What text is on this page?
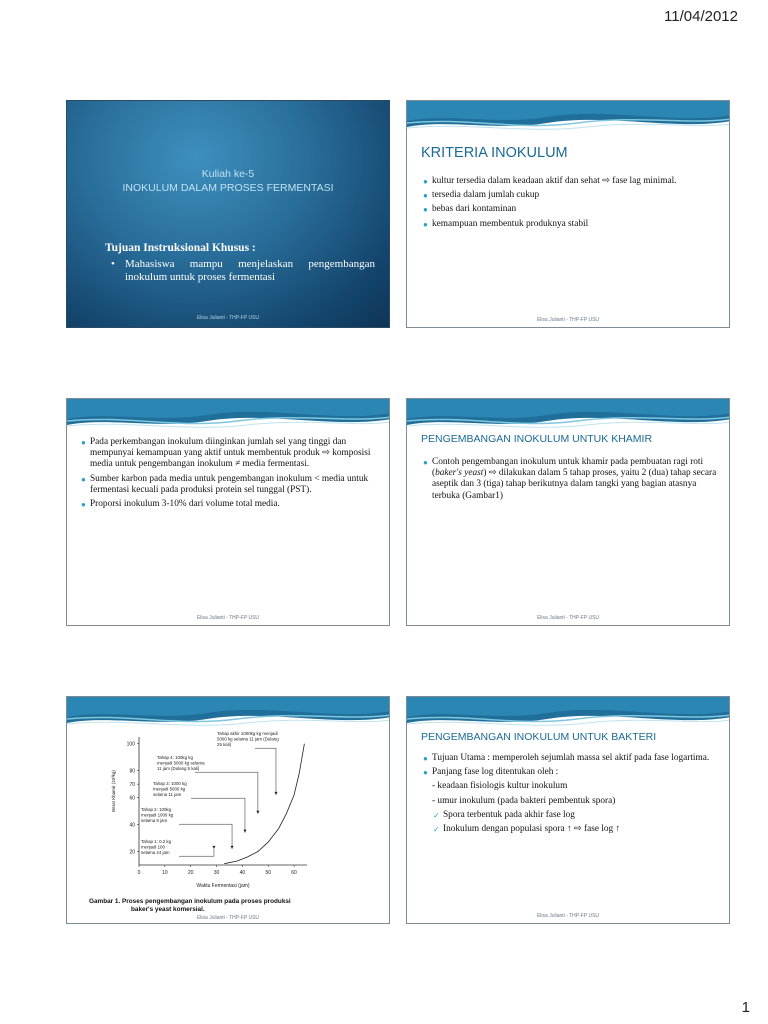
11/04/2012
Kuliah ke-5
INOKULUM DALAM PROSES FERMENTASI
Tujuan Instruksional Khusus :
• Mahasiswa mampu menjelaskan pengembangan inokulum untuk proses fermentasi
Elisa Julianti - THP-FP USU
KRITERIA INOKULUM
● kultur tersedia dalam keadaan aktif dan sehat ⇨ fase lag minimal.
● tersedia dalam jumlah cukup
● bebas dari kontaminan
● kemampuan membentuk produknya stabil
Elisa Julianti - THP-FP USU
● Pada perkembangan inokulum diinginkan jumlah sel yang tinggi dan mempunyai kemampuan yang aktif untuk membentuk produk ⇨ komposisi media untuk pengembangan inokulum ≠ media fermentasi.
● Sumber karbon pada media untuk pengembangan inokulum < media untuk fermentasi kecuali pada produksi protein sel tunggal (PST).
● Proporsi inokulum 3-10% dari volume total media.
Elisa Julianti - THP-FP USU
PENGEMBANGAN INOKULUM UNTUK KHAMIR
● Contoh pengembangan inokulum untuk khamir pada pembuatan ragi roti (baker's yeast) ⇨ dilakukan dalam 5 tahap proses, yaitu 2 (dua) tahap secara aseptik dan 3 (tiga) tahap berikutnya dalam tangki yang bagian atasnya terbuka (Gambar1)
Elisa Julianti - THP-FP USU
0	10	20	30	40	50	60
20
40
60
70
80
100
Waktu Fermentasi (jam)
Berat Khamir (10³kg)
Tahap akhir 1000kg kg menjadi
5000 kg selama 11 jam (Dulang
25 kali)
Tahap 4: 100kg kg
menjadi 5000 kg selama
11 jam (Dulang 5 kali)
Tahap 3: 1000 kg
menjadi 5000 kg
selama 11 jam
Tahap 2: 100kg
menjadi 1000 kg
selama 9 jam
Tahap 1: 0.2 kg
menjadi 100
selama 24 jam
Gambar 1. Proses pengembangan inokulum pada proses produksi
baker's yeast komersial.
Elisa Julianti - THP-FP USU
PENGEMBANGAN INOKULUM UNTUK BAKTERI
● Tujuan Utama : memperoleh sejumlah massa sel aktif pada fase logartima.
● Panjang fase log ditentukan oleh :
- keadaan fisiologis kultur inokulum
- umur inokulum (pada bakteri pembentuk spora)
✓ Spora terbentuk pada akhir fase log
✓ Inokulum dengan populasi spora ↑ ⇨ fase log ↑
Elisa Julianti - THP-FP USU
1
